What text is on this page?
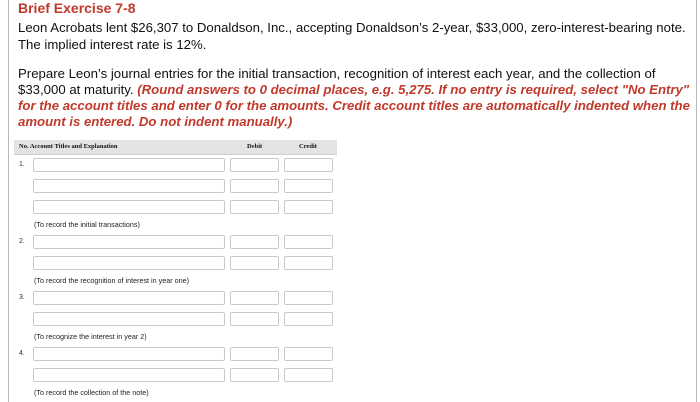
Brief Exercise 7-8
Leon Acrobats lent $26,307 to Donaldson, Inc., accepting Donaldson’s 2-year, $33,000, zero-interest-bearing note. The implied interest rate is 12%.
Prepare Leon’s journal entries for the initial transaction, recognition of interest each year, and the collection of $33,000 at maturity. (Round answers to 0 decimal places, e.g. 5,275. If no entry is required, select "No Entry" for the account titles and enter 0 for the amounts. Credit account titles are automatically indented when the amount is entered. Do not indent manually.)
No. Account Titles and Explanation	Debit	Credit
1.
(To record the initial transactions)
2.
(To record the recognition of interest in year one)
3.
(To recognize the interest in year 2)
4.
(To record the collection of the note)
